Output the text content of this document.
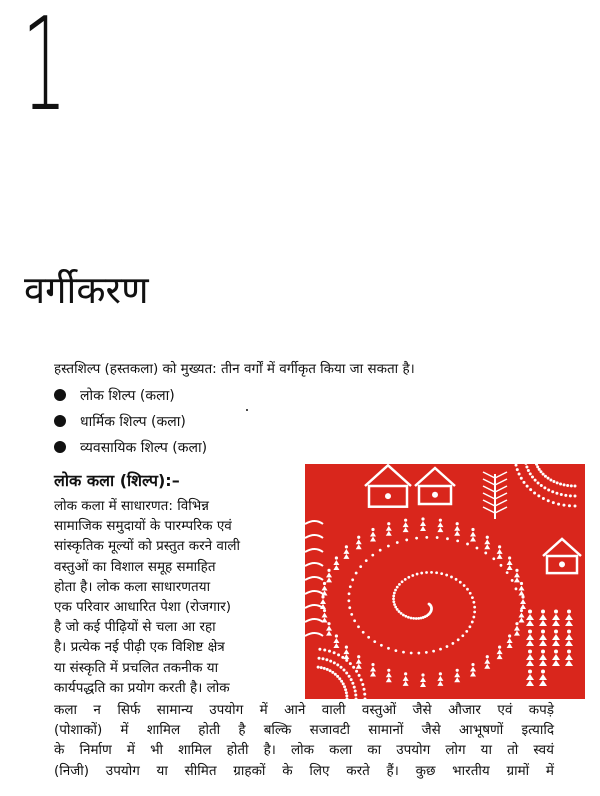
1
वर्गीकरण
हस्तशिल्प (हस्तकला) को मुख्यत: तीन वर्गों में वर्गीकृत किया जा सकता है।
लोक शिल्प (कला)
धार्मिक शिल्प (कला)
व्यवसायिक शिल्प (कला)
लोक कला (शिल्प):–

लोक कला में साधारणत: विभिन्न
सामाजिक समुदायों के पारम्परिक एवं
सांस्कृतिक मूल्यों को प्रस्तुत करने वाली
वस्तुओं का विशाल समूह समाहित
होता है। लोक कला साधारणतया
एक परिवार आधारित पेशा (रोजगार)
है जो कई पीढ़ियों से चला आ रहा
है। प्रत्येक नई पीढ़ी एक विशिष्ट क्षेत्र
या संस्कृति में प्रचलित तकनीक या
कार्यपद्धति का प्रयोग करती है। लोक

कला न सिर्फ सामान्य उपयोग में आने वाली वस्तुओं जैसे औजार एवं कपड़े
(पोशाकों) में शामिल होती है बल्कि सजावटी सामानों जैसे आभूषणों इत्यादि
के निर्माण में भी शामिल होती है। लोक कला का उपयोग लोग या तो स्वयं
(निजी) उपयोग या सीमित ग्राहकों के लिए करते हैं। कुछ भारतीय ग्रामों में
